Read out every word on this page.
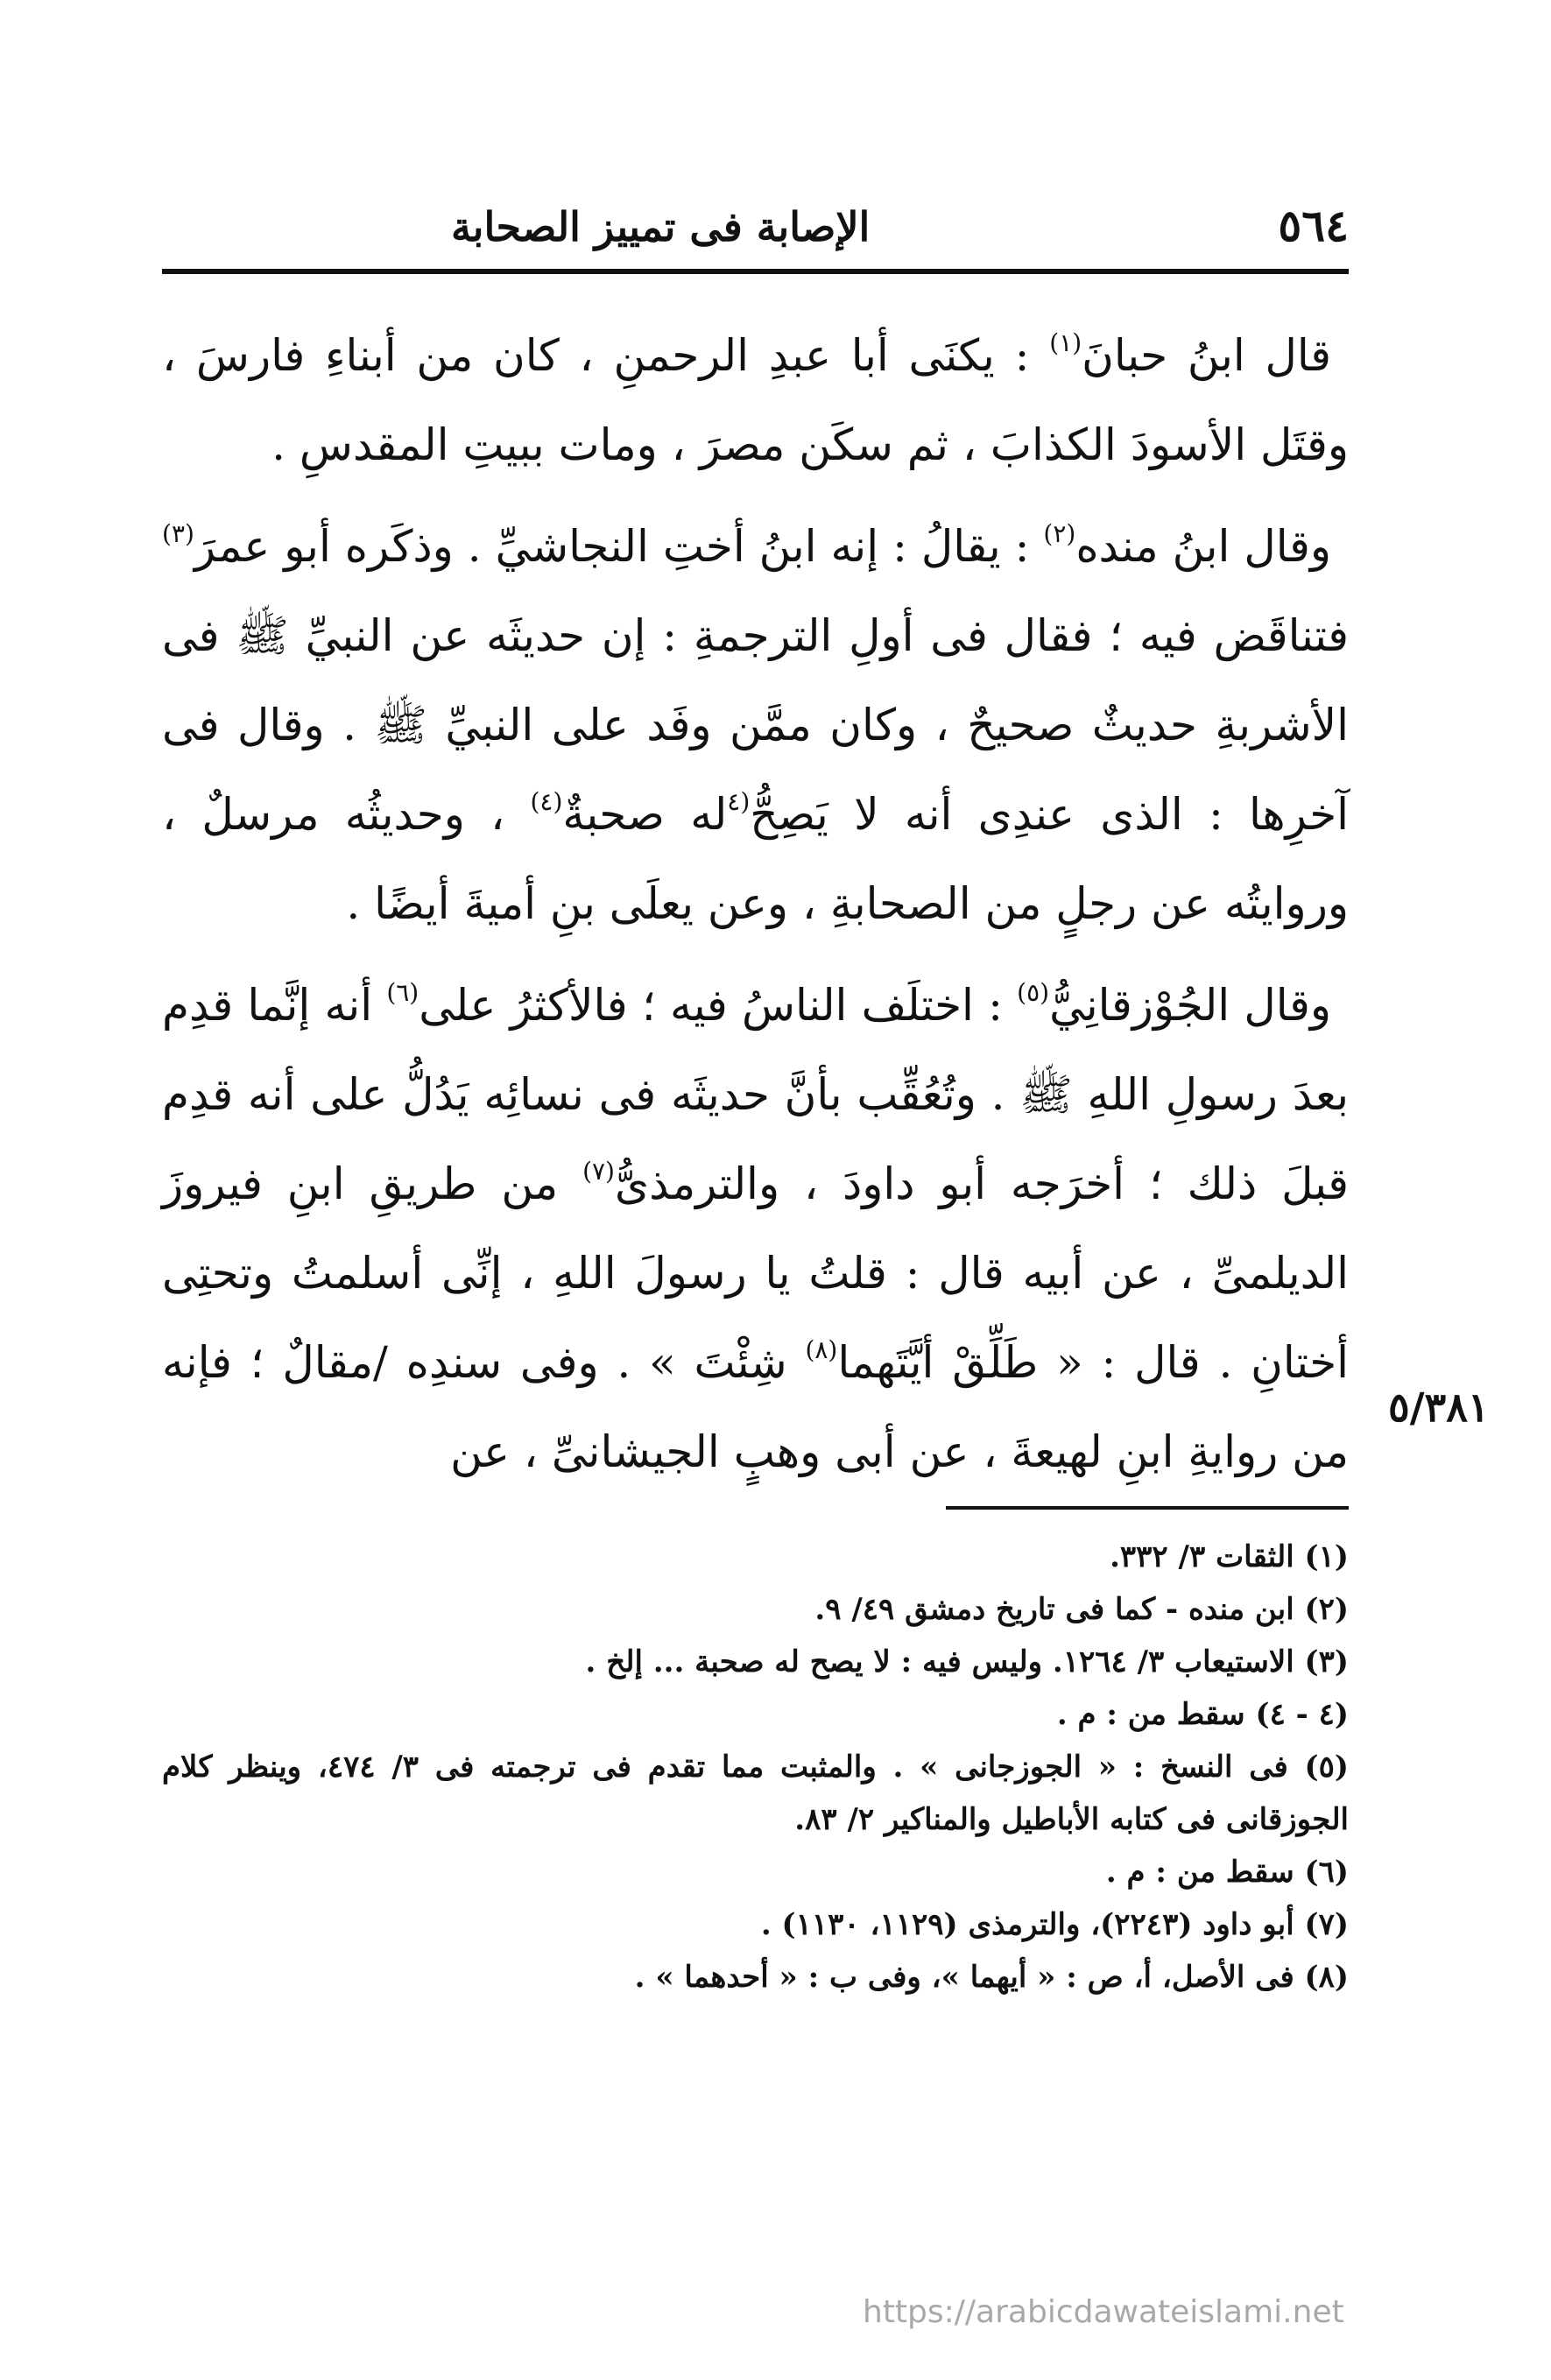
٥٦٤
الإصابة فى تمييز الصحابة

قال ابنُ حبانَ$^{(١)}$ : يكنَى أبا عبدِ الرحمنِ ، كان من أبناءِ فارسَ ، وقتَل الأسودَ الكذابَ ، ثم سكَن مصرَ ، ومات ببيتِ المقدسِ .

وقال ابنُ منده$^{(٢)}$ : يقالُ : إنه ابنُ أختِ النجاشيِّ . وذكَره أبو عمرَ$^{(٣)}$ فتناقَض فيه ؛ فقال فى أولِ الترجمةِ : إن حديثَه عن النبيِّ ﷺ فى الأشربةِ حديثٌ صحيحٌ ، وكان ممَّن وفَد على النبيِّ ﷺ . وقال فى آخرِها : الذى عندِى أنه لا يَصِحُّ$^{(٤}$له صحبةٌ$^{(٤)}$ ، وحديثُه مرسلٌ ، وروايتُه عن رجلٍ من الصحابةِ ، وعن يعلَى بنِ أميةَ أيضًا .

وقال الجُوْزقانِيُّ$^{(٥)}$ : اختلَف الناسُ فيه ؛ فالأكثرُ على$^{(٦)}$ أنه إنَّما قدِم بعدَ رسولِ اللهِ ﷺ . وتُعُقِّب بأنَّ حديثَه فى نسائِه يَدُلُّ على أنه قدِم قبلَ ذلك ؛ أخرَجه أبو داودَ ، والترمذىُّ$^{(٧)}$ من طريقِ ابنِ فيروزَ الديلمىِّ ، عن أبيه قال : قلتُ يا رسولَ اللهِ ، إنِّى أسلمتُ وتحتِى أختانِ . قال : « طَلِّقْ أيَّتَهما$^{(٨)}$ شِئْتَ » . وفى سندِه /مقالٌ ؛ فإنه من روايةِ ابنِ لهيعةَ ، عن أبى وهبٍ الجيشانىِّ ، عن

٥/٣٨١

(١) الثقات ٣/ ٣٣٢.

(٢) ابن منده - كما فى تاريخ دمشق ٤٩/ ٩.

(٣) الاستيعاب ٣/ ١٢٦٤. وليس فيه : لا يصح له صحبة ... إلخ .

(٤ - ٤) سقط من : م .

(٥) فى النسخ : « الجوزجانى » . والمثبت مما تقدم فى ترجمته فى ٣/ ٤٧٤، وينظر كلام الجوزقانى فى كتابه الأباطيل والمناكير ٢/ ٨٣.

(٦) سقط من : م .

(٧) أبو داود (٢٢٤٣)، والترمذى (١١٢٩، ١١٣٠) .

(٨) فى الأصل، أ، ص : « أيهما »، وفى ب : « أحدهما » .

https://arabicdawateislami.net
